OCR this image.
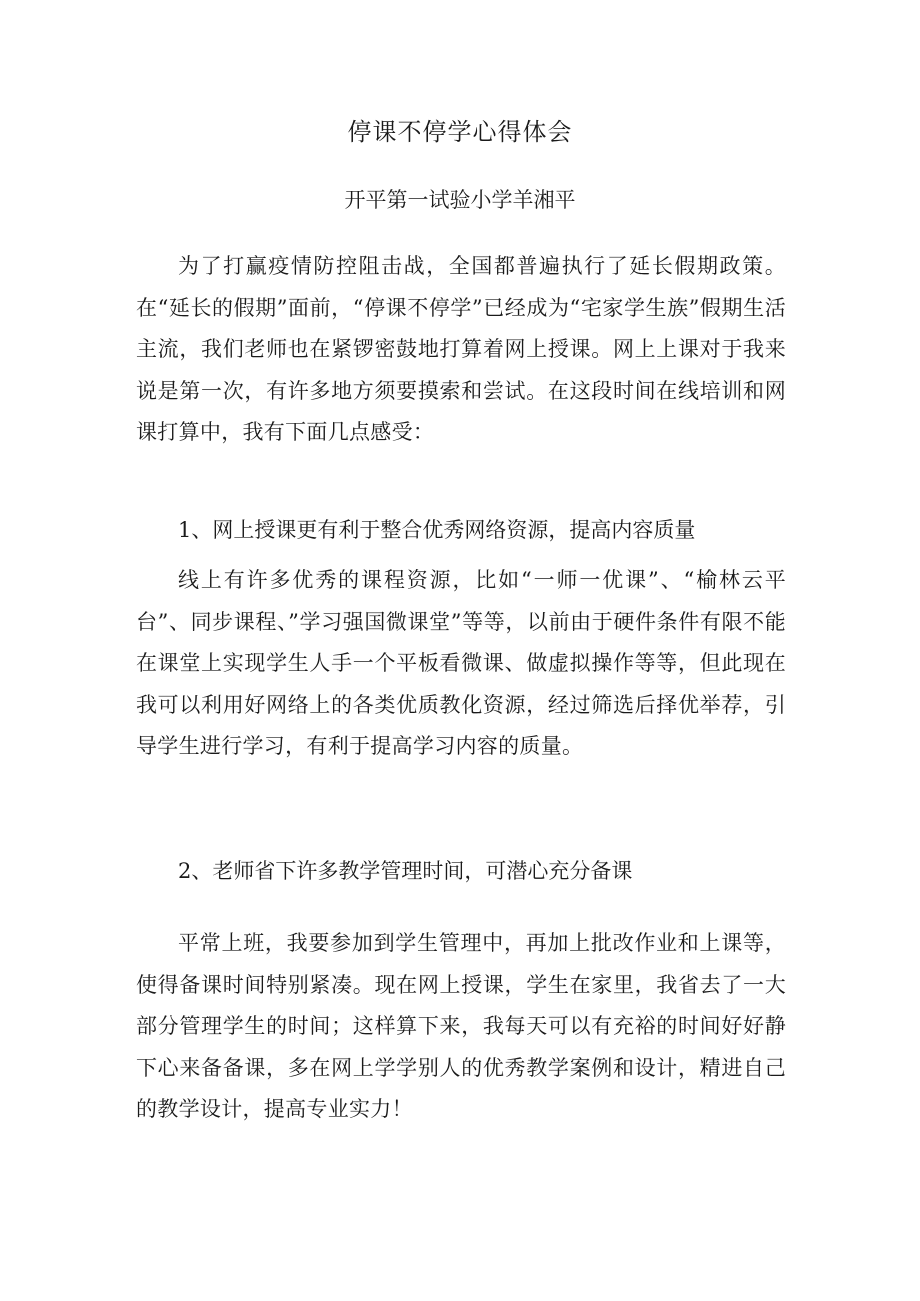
停课不停学心得体会

开平第一试验小学羊湘平

为了打赢疫情防控阻击战，全国都普遍执行了延长假期政策。在“延长的假期”面前，“停课不停学”已经成为“宅家学生族”假期生活主流，我们老师也在紧锣密鼓地打算着网上授课。网上上课对于我来说是第一次，有许多地方须要摸索和尝试。在这段时间在线培训和网课打算中，我有下面几点感受：

1、网上授课更有利于整合优秀网络资源，提高内容质量

线上有许多优秀的课程资源，比如“一师一优课”、“榆林云平台”、同步课程、”学习强国微课堂”等等，以前由于硬件条件有限不能在课堂上实现学生人手一个平板看微课、做虚拟操作等等，但此现在我可以利用好网络上的各类优质教化资源，经过筛选后择优举荐，引导学生进行学习，有利于提高学习内容的质量。

2、老师省下许多教学管理时间，可潜心充分备课

平常上班，我要参加到学生管理中，再加上批改作业和上课等，使得备课时间特别紧凑。现在网上授课，学生在家里，我省去了一大部分管理学生的时间；这样算下来，我每天可以有充裕的时间好好静下心来备备课，多在网上学学别人的优秀教学案例和设计，精进自己的教学设计，提高专业实力！
